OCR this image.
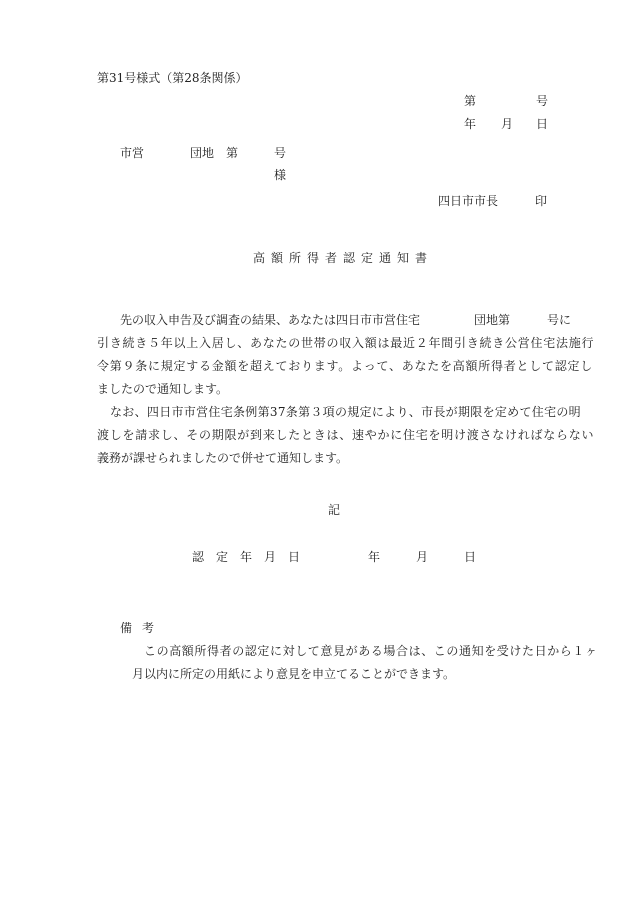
第31号様式（第28条関係）
第	号
年 月 日
市営	団地 第	号
様
四日市市長	印
高額所得者認定通知書
先の収入申告及び調査の結果、あなたは四日市市営住宅	団地第	号に
引き続き５年以上入居し、あなたの世帯の収入額は最近２年間引き続き公営住宅法施行
令第９条に規定する金額を超えております。よって、あなたを高額所得者として認定し
ましたので通知します。
なお、四日市市営住宅条例第37条第３項の規定により、市長が期限を定めて住宅の明
渡しを請求し、その期限が到来したときは、速やかに住宅を明け渡さなければならない
義務が課せられましたので併せて通知します。
記
認　定　年　月　日	年	月	日
備考
この高額所得者の認定に対して意見がある場合は、この通知を受けた日から１ヶ
月以内に所定の用紙により意見を申立てることができます。
